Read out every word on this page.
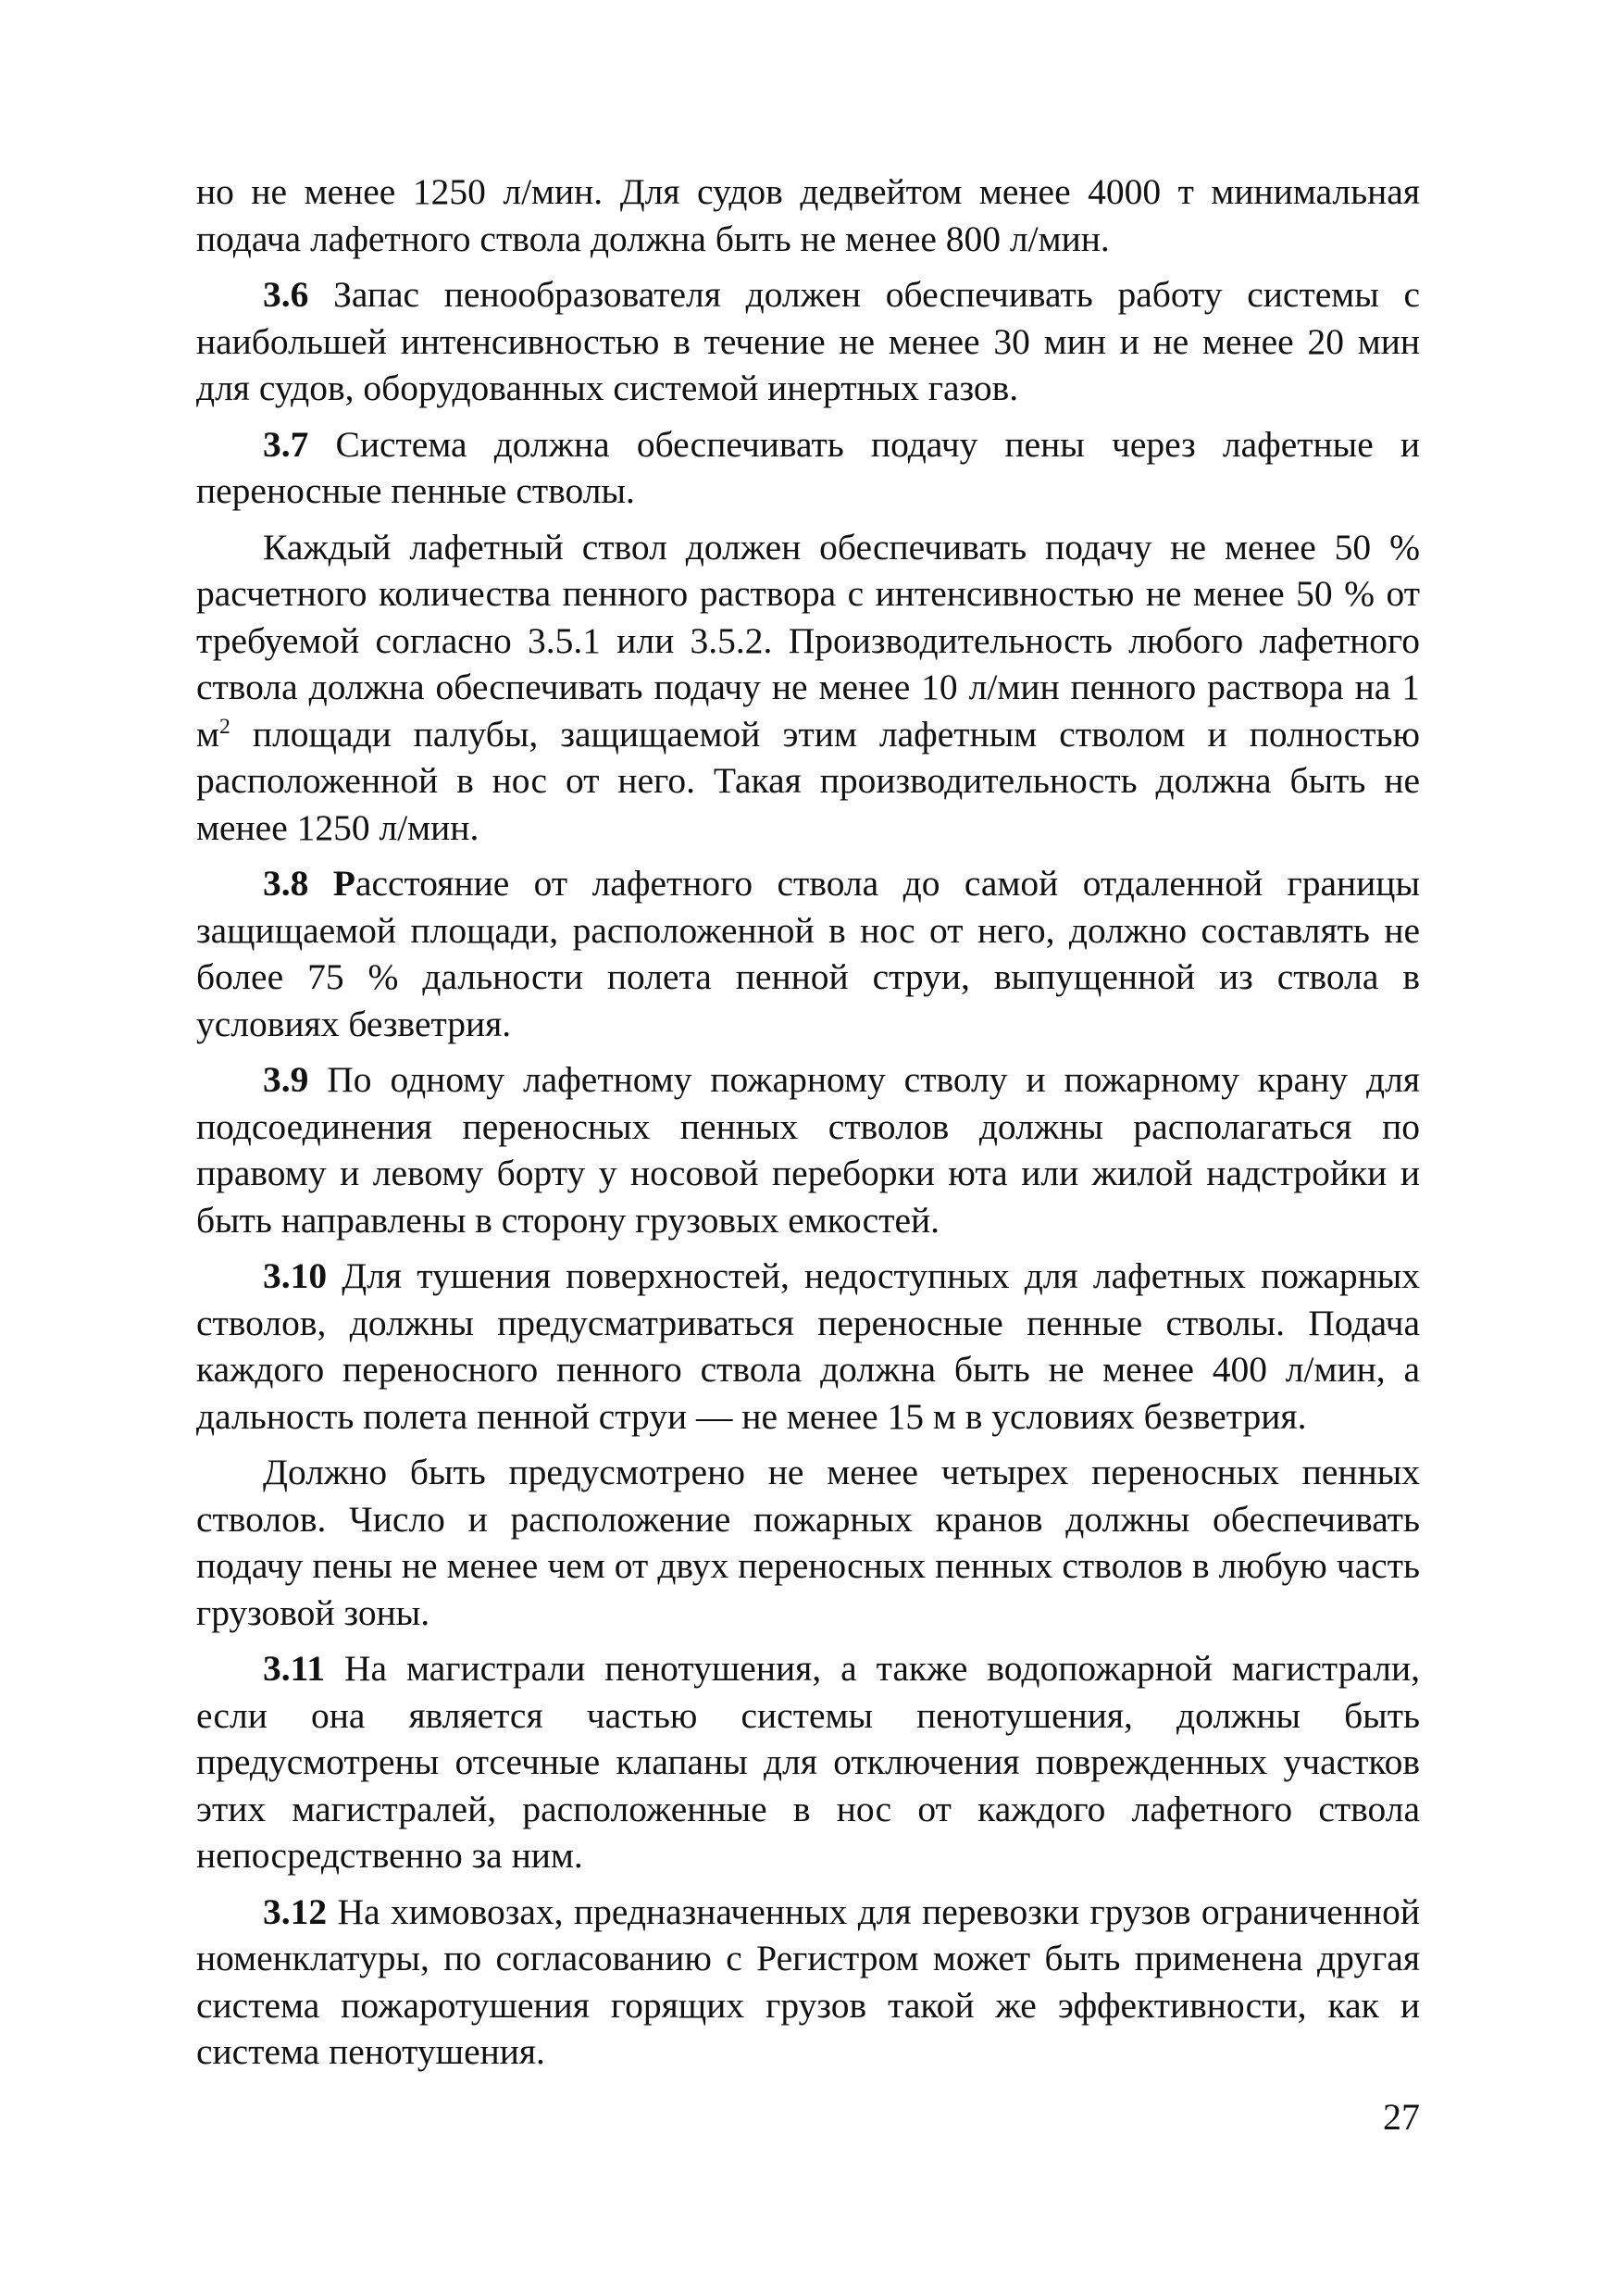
но не менее 1250 л/мин. Для судов дедвейтом менее 4000 т минимальная подача лафетного ствола должна быть не менее 800 л/мин.

3.6 Запас пенообразователя должен обеспечивать работу системы с наибольшей интенсивностью в течение не менее 30 мин и не менее 20 мин для судов, оборудованных системой инертных газов.

3.7 Система должна обеспечивать подачу пены через лафетные и переносные пенные стволы.

Каждый лафетный ствол должен обеспечивать подачу не менее 50 % расчетного количества пенного раствора с интенсивностью не менее 50 % от требуемой согласно 3.5.1 или 3.5.2. Производительность любого лафетного ствола должна обеспечивать подачу не менее 10 л/мин пенного раствора на 1 $м^2$ площади палубы, защищаемой этим лафетным стволом и полностью расположенной в нос от него. Такая производительность должна быть не менее 1250 л/мин.

3.8 Расстояние от лафетного ствола до самой отдаленной границы защищаемой площади, расположенной в нос от него, должно составлять не более 75 % дальности полета пенной струи, выпущенной из ствола в условиях безветрия.

3.9 По одному лафетному пожарному стволу и пожарному крану для подсоединения переносных пенных стволов должны располагаться по правому и левому борту у носовой переборки юта или жилой надстройки и быть направлены в сторону грузовых емкостей.

3.10 Для тушения поверхностей, недоступных для лафетных пожарных стволов, должны предусматриваться переносные пенные стволы. Подача каждого переносного пенного ствола должна быть не менее 400 л/мин, а дальность полета пенной струи — не менее 15 м в условиях безветрия.

Должно быть предусмотрено не менее четырех переносных пенных стволов. Число и расположение пожарных кранов должны обеспечивать подачу пены не менее чем от двух переносных пенных стволов в любую часть грузовой зоны.

3.11 На магистрали пенотушения, а также водопожарной магистрали, если она является частью системы пенотушения, должны быть предусмотрены отсечные клапаны для отключения поврежденных участков этих магистралей, расположенные в нос от каждого лафетного ствола непосредственно за ним.

3.12 На химовозах, предназначенных для перевозки грузов ограниченной номенклатуры, по согласованию с Регистром может быть применена другая система пожаротушения горящих грузов такой же эффективности, как и система пенотушения.

27
